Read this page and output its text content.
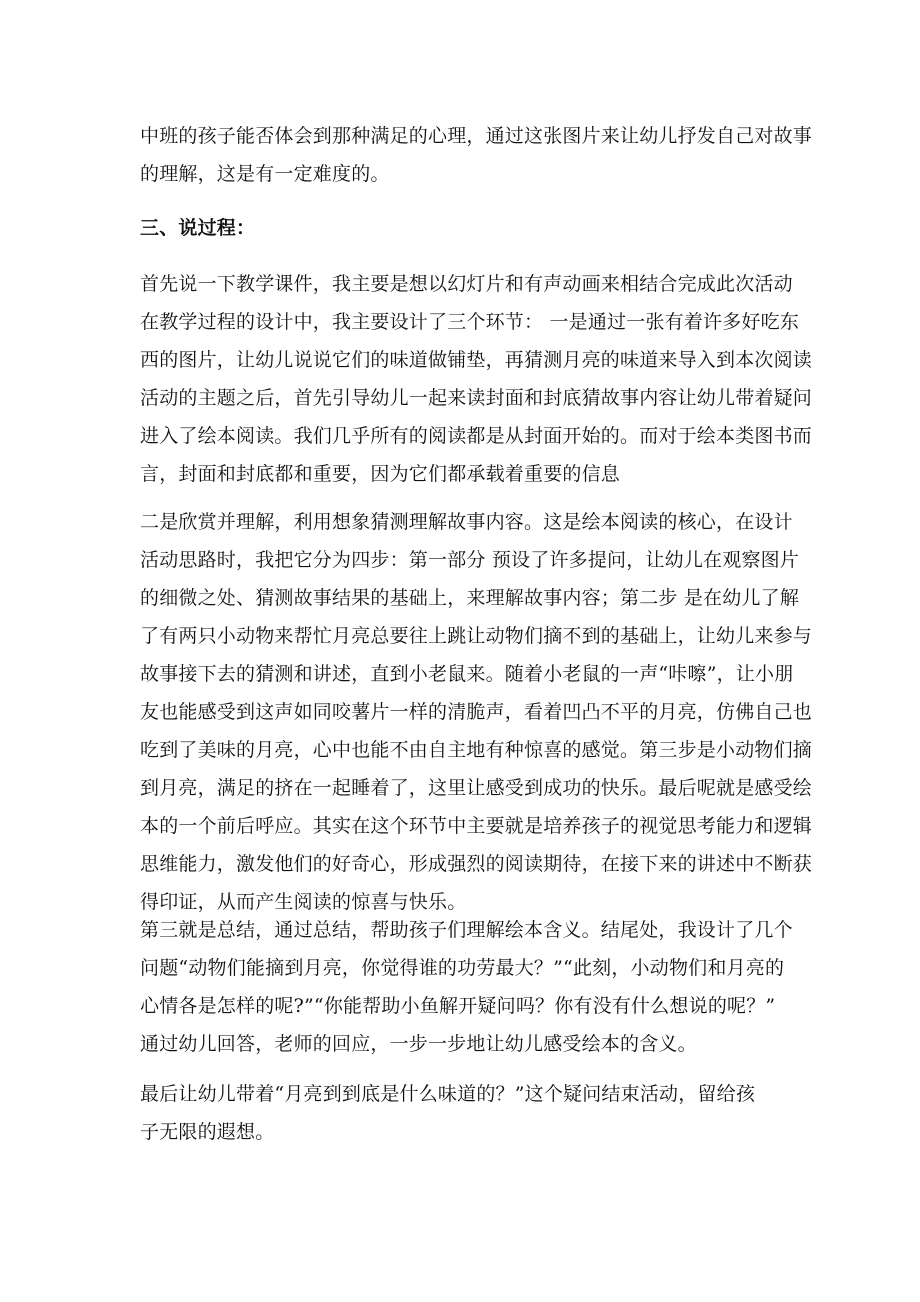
中班的孩子能否体会到那种满足的心理，通过这张图片来让幼儿抒发自己对故事
的理解，这是有一定难度的。
三、说过程：
首先说一下教学课件，我主要是想以幻灯片和有声动画来相结合完成此次活动
在教学过程的设计中，我主要设计了三个环节： 一是通过一张有着许多好吃东
西的图片，让幼儿说说它们的味道做铺垫，再猜测月亮的味道来导入到本次阅读
活动的主题之后，首先引导幼儿一起来读封面和封底猜故事内容让幼儿带着疑问
进入了绘本阅读。我们几乎所有的阅读都是从封面开始的。而对于绘本类图书而
言，封面和封底都和重要，因为它们都承载着重要的信息
二是欣赏并理解，利用想象猜测理解故事内容。这是绘本阅读的核心，在设计
活动思路时，我把它分为四步：第一部分 预设了许多提问，让幼儿在观察图片
的细微之处、猜测故事结果的基础上，来理解故事内容；第二步 是在幼儿了解
了有两只小动物来帮忙月亮总要往上跳让动物们摘不到的基础上，让幼儿来参与
故事接下去的猜测和讲述，直到小老鼠来。随着小老鼠的一声“咔嚓”，让小朋
友也能感受到这声如同咬薯片一样的清脆声，看着凹凸不平的月亮，仿佛自己也
吃到了美味的月亮，心中也能不由自主地有种惊喜的感觉。第三步是小动物们摘
到月亮，满足的挤在一起睡着了，这里让感受到成功的快乐。最后呢就是感受绘
本的一个前后呼应。其实在这个环节中主要就是培养孩子的视觉思考能力和逻辑
思维能力，激发他们的好奇心，形成强烈的阅读期待，在接下来的讲述中不断获
得印证，从而产生阅读的惊喜与快乐。
第三就是总结，通过总结，帮助孩子们理解绘本含义。结尾处，我设计了几个
问题“动物们能摘到月亮，你觉得谁的功劳最大？”“此刻，小动物们和月亮的
心情各是怎样的呢?”“你能帮助小鱼解开疑问吗？你有没有什么想说的呢？”
通过幼儿回答，老师的回应，一步一步地让幼儿感受绘本的含义。
最后让幼儿带着“月亮到到底是什么味道的？”这个疑问结束活动，留给孩
子无限的遐想。
